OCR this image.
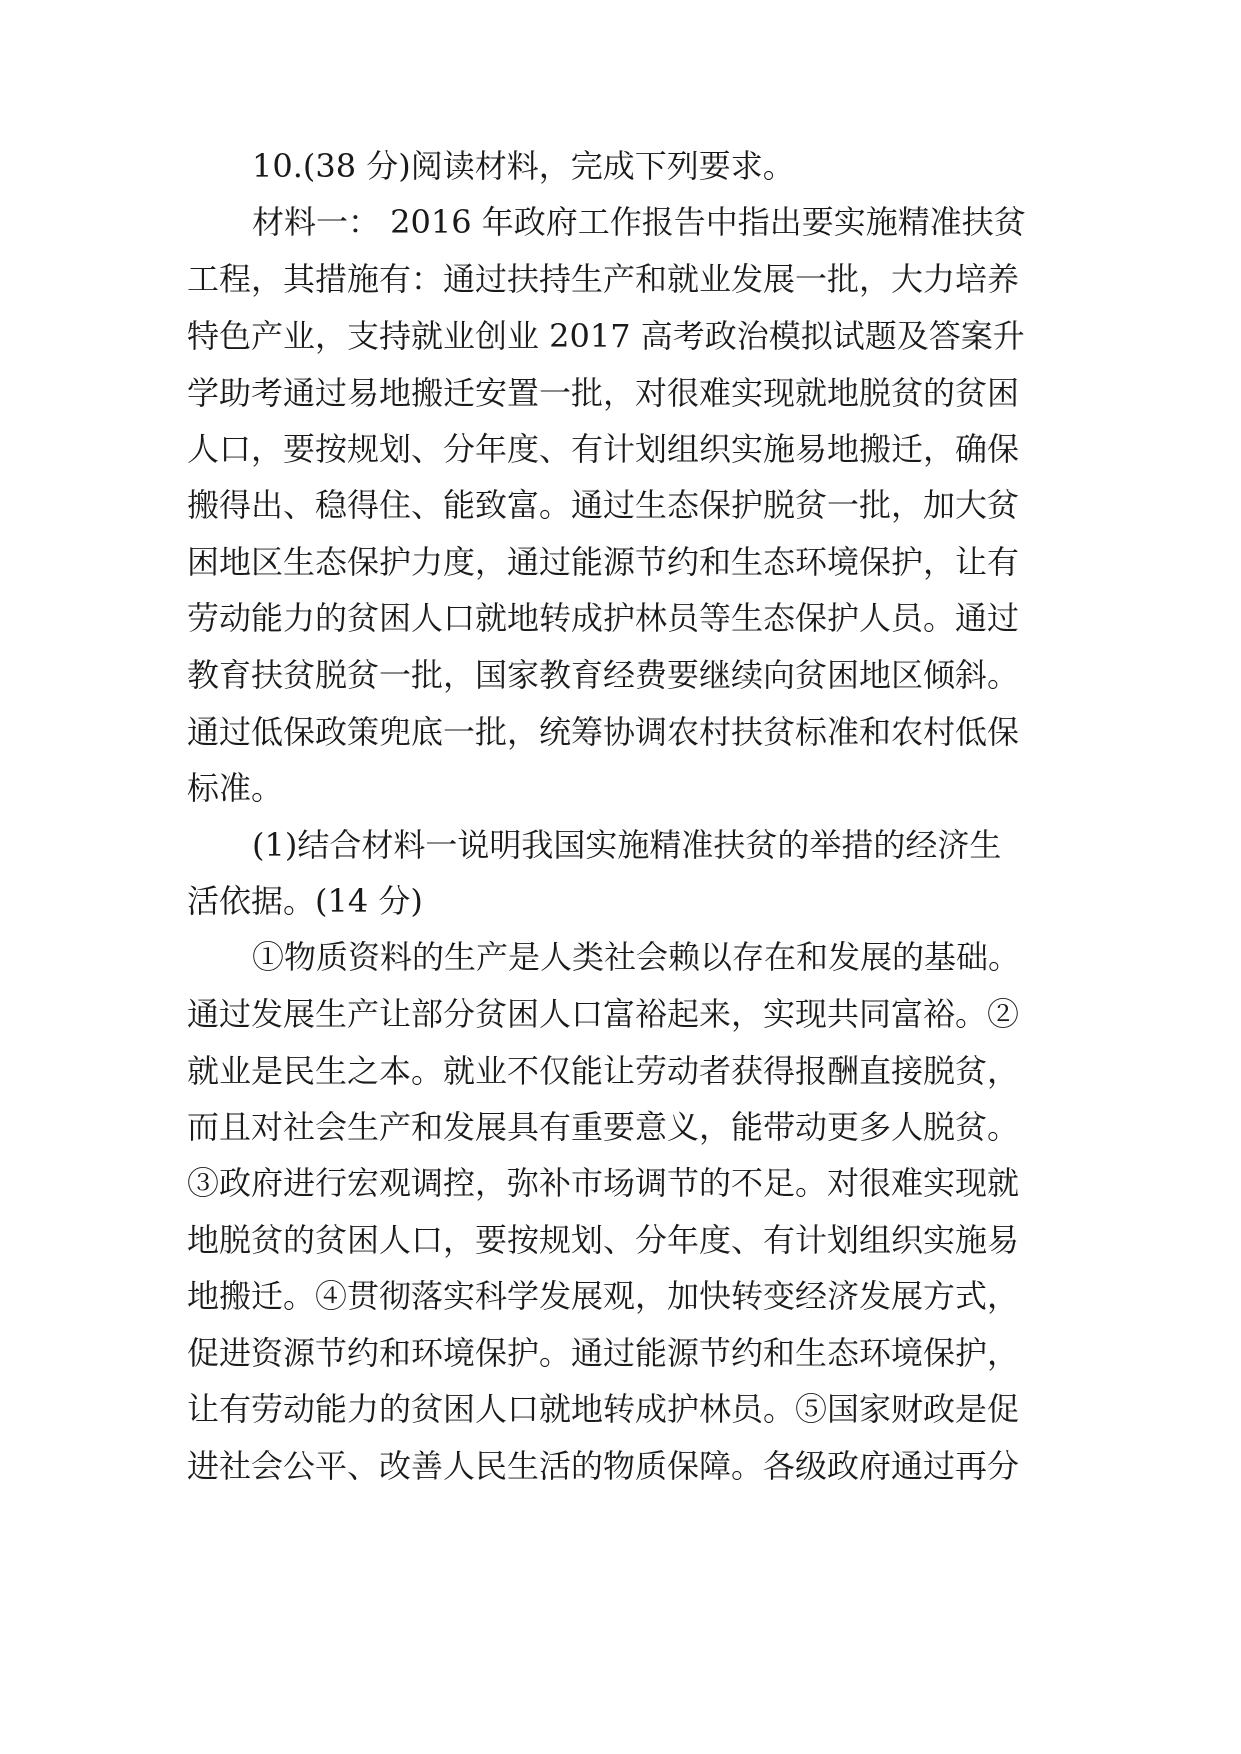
10.(38 分)阅读材料，完成下列要求。

材料一： 2016 年政府工作报告中指出要实施精准扶贫

工程，其措施有：通过扶持生产和就业发展一批，大力培养

特色产业，支持就业创业 2017 高考政治模拟试题及答案升

学助考通过易地搬迁安置一批，对很难实现就地脱贫的贫困

人口，要按规划、分年度、有计划组织实施易地搬迁，确保

搬得出、稳得住、能致富。通过生态保护脱贫一批，加大贫

困地区生态保护力度，通过能源节约和生态环境保护，让有

劳动能力的贫困人口就地转成护林员等生态保护人员。通过

教育扶贫脱贫一批，国家教育经费要继续向贫困地区倾斜。

通过低保政策兜底一批，统筹协调农村扶贫标准和农村低保

标准。

(1)结合材料一说明我国实施精准扶贫的举措的经济生

活依据。(14 分)

①物质资料的生产是人类社会赖以存在和发展的基础。

通过发展生产让部分贫困人口富裕起来，实现共同富裕。②

就业是民生之本。就业不仅能让劳动者获得报酬直接脱贫，

而且对社会生产和发展具有重要意义，能带动更多人脱贫。

③政府进行宏观调控，弥补市场调节的不足。对很难实现就

地脱贫的贫困人口，要按规划、分年度、有计划组织实施易

地搬迁。④贯彻落实科学发展观，加快转变经济发展方式，

促进资源节约和环境保护。通过能源节约和生态环境保护，

让有劳动能力的贫困人口就地转成护林员。⑤国家财政是促

进社会公平、改善人民生活的物质保障。各级政府通过再分
